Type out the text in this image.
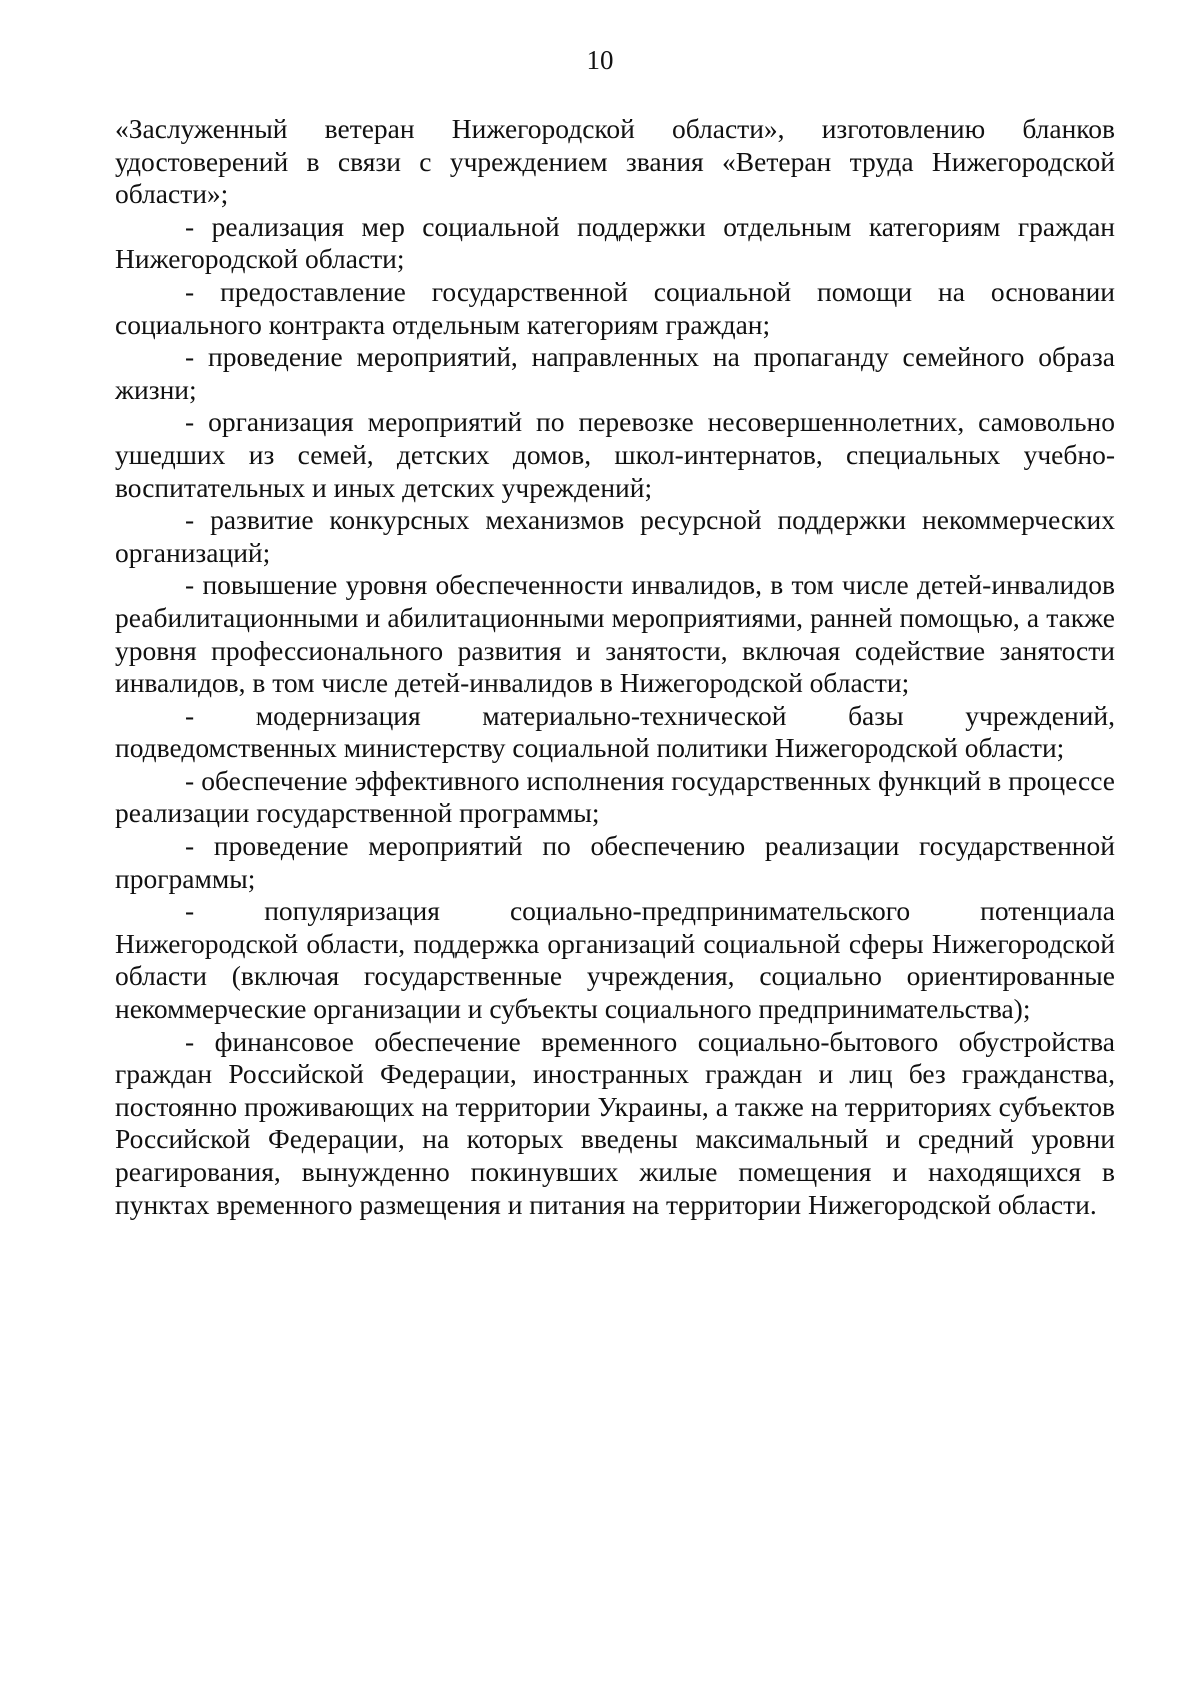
10

«Заслуженный ветеран Нижегородской области», изготовлению бланков удостоверений в связи с учреждением звания «Ветеран труда Нижегородской области»;

- реализация мер социальной поддержки отдельным категориям граждан Нижегородской области;

- предоставление государственной социальной помощи на основании социального контракта отдельным категориям граждан;

- проведение мероприятий, направленных на пропаганду семейного образа жизни;

- организация мероприятий по перевозке несовершеннолетних, самовольно ушедших из семей, детских домов, школ-интернатов, специальных учебно-воспитательных и иных детских учреждений;

- развитие конкурсных механизмов ресурсной поддержки некоммерческих организаций;

- повышение уровня обеспеченности инвалидов, в том числе детей-инвалидов реабилитационными и абилитационными мероприятиями, ранней помощью, а также уровня профессионального развития и занятости, включая содействие занятости инвалидов, в том числе детей-инвалидов в Нижегородской области;

- модернизация материально-технической базы учреждений, подведомственных министерству социальной политики Нижегородской области;

- обеспечение эффективного исполнения государственных функций в процессе реализации государственной программы;

- проведение мероприятий по обеспечению реализации государственной программы;

- популяризация социально-предпринимательского потенциала Нижегородской области, поддержка организаций социальной сферы Нижегородской области (включая государственные учреждения, социально ориентированные некоммерческие организации и субъекты социального предпринимательства);

- финансовое обеспечение временного социально-бытового обустройства граждан Российской Федерации, иностранных граждан и лиц без гражданства, постоянно проживающих на территории Украины, а также на территориях субъектов Российской Федерации, на которых введены максимальный и средний уровни реагирования, вынужденно покинувших жилые помещения и находящихся в пунктах временного размещения и питания на территории Нижегородской области.
